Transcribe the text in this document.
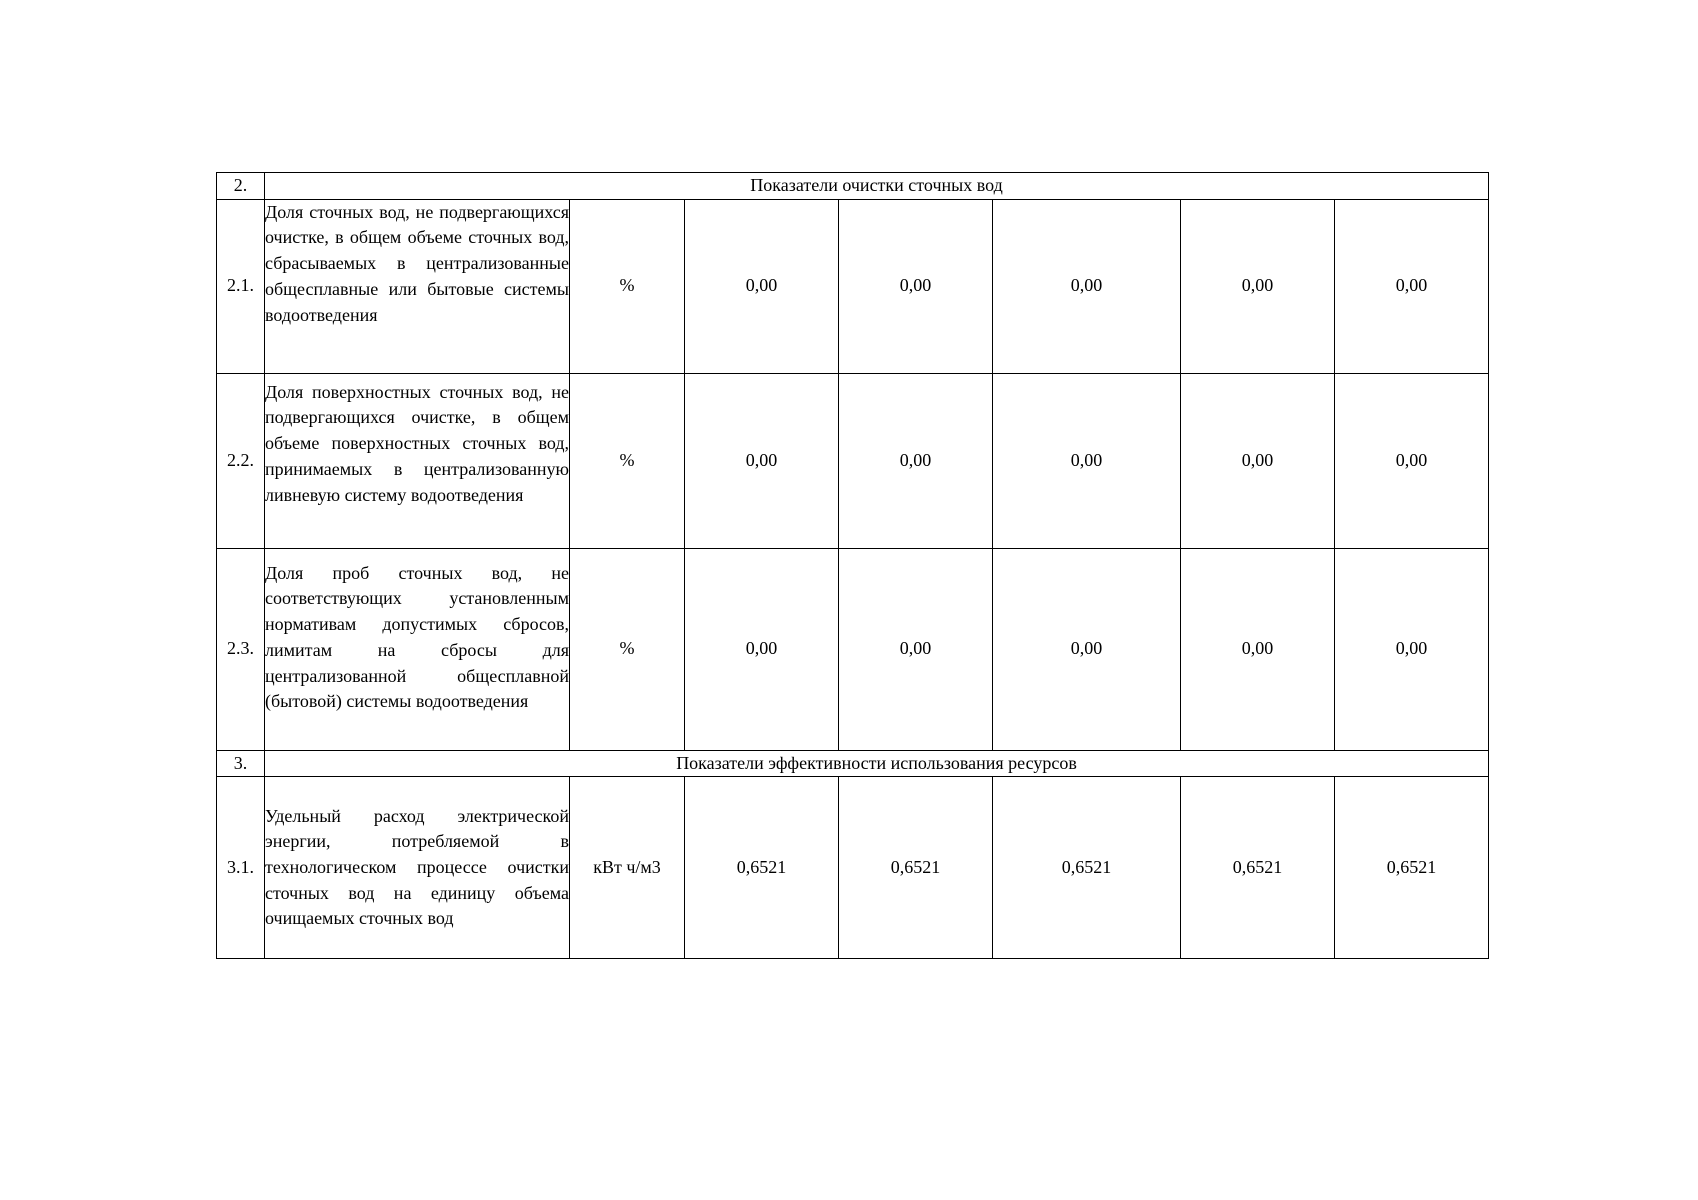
2.	Показатели очистки сточных вод						
2.1.	Доля сточных вод, не подвергающихся очистке, в общем объеме сточных вод, сбрасываемых в централизованные общесплавные или бытовые системы водоотведения	%	0,00	0,00	0,00	0,00	0,00
2.2.	Доля поверхностных сточных вод, не подвергающихся очистке, в общем объеме поверхностных сточных вод, принимаемых в централизованную ливневую систему водоотведения	%	0,00	0,00	0,00	0,00	0,00
2.3.	Доля проб сточных вод, не соответствующих установленным нормативам допустимых сбросов, лимитам на сбросы для централизованной общесплавной (бытовой) системы водоотведения	%	0,00	0,00	0,00	0,00	0,00
3.	Показатели эффективности использования ресурсов						
3.1.	Удельный расход электрической энергии, потребляемой в технологическом процессе очистки сточных вод на единицу объема очищаемых сточных вод	кВт ч/м3	0,6521	0,6521	0,6521	0,6521	0,6521
